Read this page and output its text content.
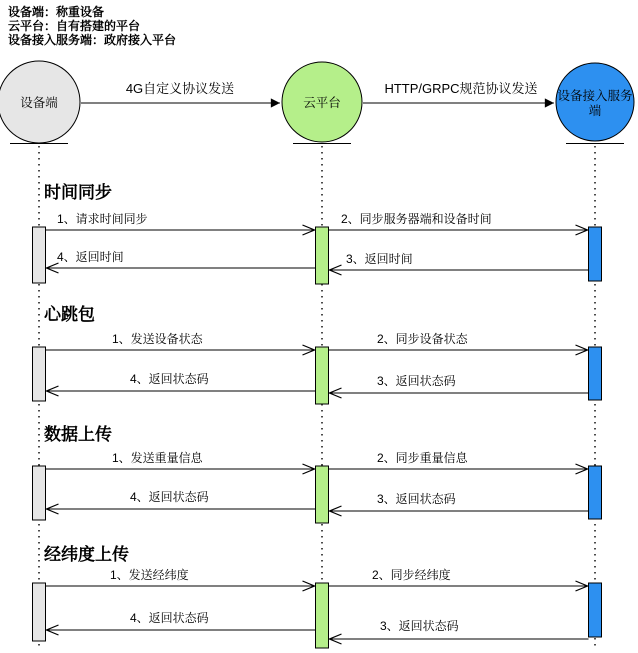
设备端：称重设备
云平台：自有搭建的平台
设备接入服务端：政府接入平台
设备端	云平台	设备接入服务
端
4G自定义协议发送	HTTP/GRPC规范协议发送
时间同步
1、请求时间同步	2、同步服务器端和设备时间
3、返回时间
4、返回时间
心跳包
1、发送设备状态	2、同步设备状态
3、返回状态码
4、返回状态码
数据上传
1、发送重量信息	2、同步重量信息
3、返回状态码
4、返回状态码
经纬度上传
1、发送经纬度	2、同步经纬度
3、返回状态码
4、返回状态码
